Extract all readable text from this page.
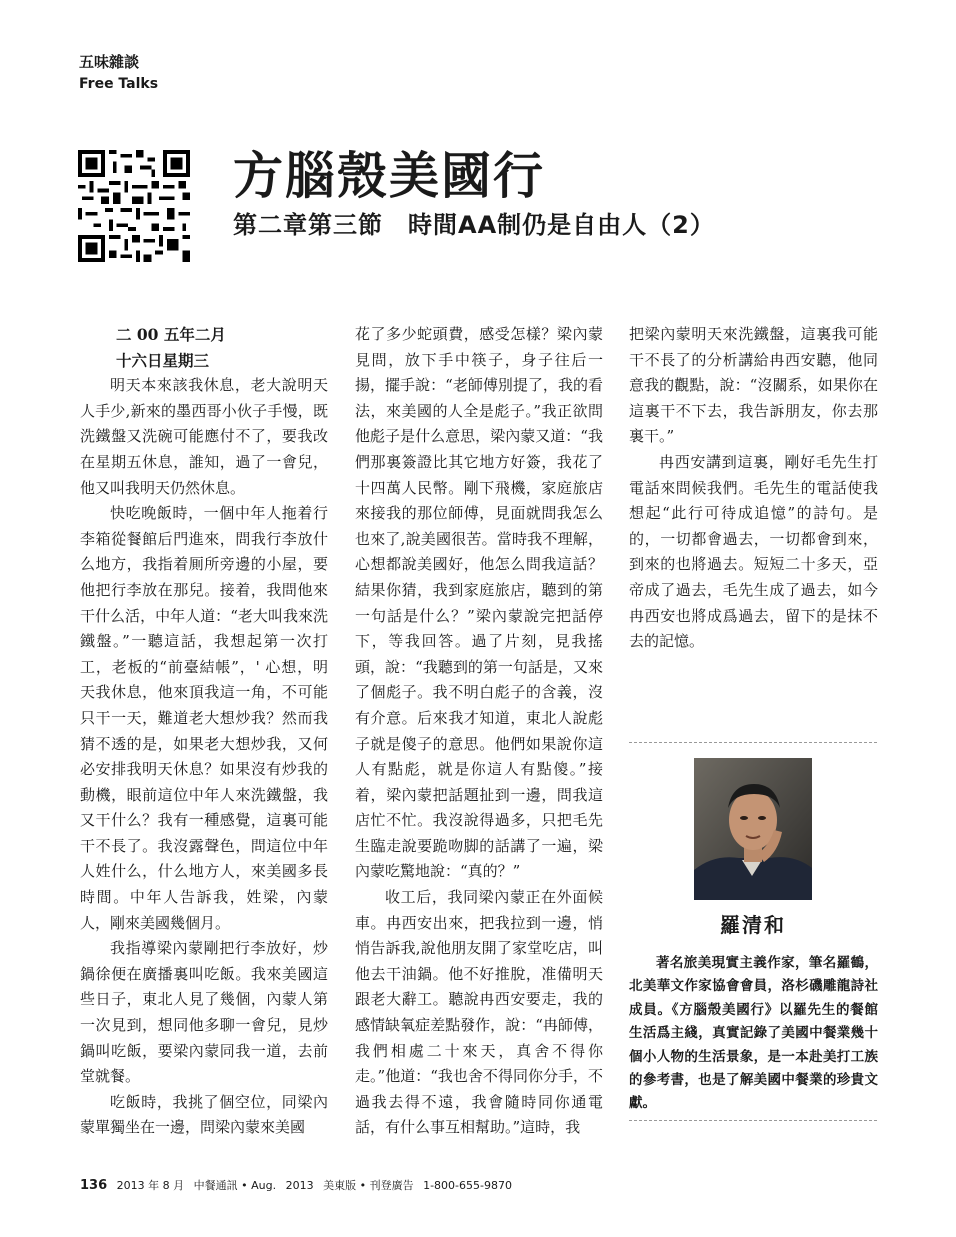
五味雜談
Free Talks
方腦殼美國行
第二章第三節　時間AA制仍是自由人（2）
二 00 五年二月
十六日星期三

明天本來該我休息，老大說明天人手少,新來的墨西哥小伙子手慢，既洗鐵盤又洗碗可能應付不了，要我改在星期五休息，誰知，過了一會兒，他又叫我明天仍然休息。

快吃晚飯時，一個中年人拖着行李箱從餐館后門進來，問我行李放什么地方，我指着厠所旁邊的小屋，要他把行李放在那兒。接着，我問他來干什么活，中年人道：“老大叫我來洗鐵盤。”一聽這話，我想起第一次打工，老板的“前臺結帳”，' 心想，明天我休息，他來頂我這一角，不可能只干一天，難道老大想炒我？然而我猜不透的是，如果老大想炒我，又何必安排我明天休息？如果沒有炒我的動機，眼前這位中年人來洗鐵盤，我又干什么？我有一種感覺，這裏可能干不長了。我沒露聲色，問這位中年人姓什么，什么地方人，來美國多長時間。中年人告訴我，姓梁，內蒙人，剛來美國幾個月。

我指導梁內蒙剛把行李放好，炒鍋徐便在廣播裏叫吃飯。我來美國這些日子，東北人見了幾個，內蒙人第一次見到，想同他多聊一會兒，見炒鍋叫吃飯，要梁內蒙同我一道，去前堂就餐。

吃飯時，我挑了個空位，同梁內蒙單獨坐在一邊，問梁內蒙來美國

花了多少蛇頭費，感受怎樣？梁內蒙見問，放下手中筷子，身子往后一揚，擺手說：“老師傅別提了，我的看法，來美國的人全是彪子。”我正欲問他彪子是什么意思，梁內蒙又道：“我們那裏簽證比其它地方好簽，我花了十四萬人民幣。剛下飛機，家庭旅店來接我的那位師傅，見面就問我怎么也來了,說美國很苦。當時我不理解，心想都說美國好，他怎么問我這話？結果你猜，我到家庭旅店，聽到的第一句話是什么？”梁內蒙說完把話停下，等我回答。過了片刻，見我搖頭，說：“我聽到的第一句話是，又來了個彪子。我不明白彪子的含義，沒有介意。后來我才知道，東北人說彪子就是傻子的意思。他們如果說你這人有點彪，就是你這人有點傻。”接着，梁內蒙把話題扯到一邊，問我這店忙不忙。我沒說得過多，只把毛先生臨走說要跪吻脚的話講了一遍，梁內蒙吃驚地說：“真的？”

收工后，我同梁內蒙正在外面候車。冉西安出來，把我拉到一邊，悄悄告訴我,說他朋友開了家堂吃店，叫他去干油鍋。他不好推脫，准備明天跟老大辭工。聽說冉西安要走，我的感情缺氧症差點發作，說：“冉師傅，我們相處二十來天，真舍不得你走。”他道：“我也舍不得同你分手，不過我去得不遠，我會隨時同你通電話，有什么事互相幫助。”這時，我

把梁內蒙明天來洗鐵盤，這裏我可能干不長了的分析講給冉西安聽，他同意我的觀點，說：“沒關系，如果你在這裏干不下去，我告訴朋友，你去那裏干。”

冉西安講到這裏，剛好毛先生打電話來問候我們。毛先生的電話使我想起“此行可待成追憶”的詩句。是的，一切都會過去，一切都會到來，到來的也將過去。短短二十多天，亞帝成了過去，毛先生成了過去，如今冉西安也將成爲過去，留下的是抹不去的記憶。

羅清和

著名旅美現實主義作家，筆名羅鶴，北美華文作家協會會員，洛杉磯雕龍詩社成員。《方腦殼美國行》以羅先生的餐館生活爲主綫，真實記錄了美國中餐業幾十個小人物的生活景象，是一本赴美打工族的參考書，也是了解美國中餐業的珍貴文獻。

136 2013 年 8 月 中餐通訊 • Aug. 2013 美東版 • 刊登廣告 1-800-655-9870
